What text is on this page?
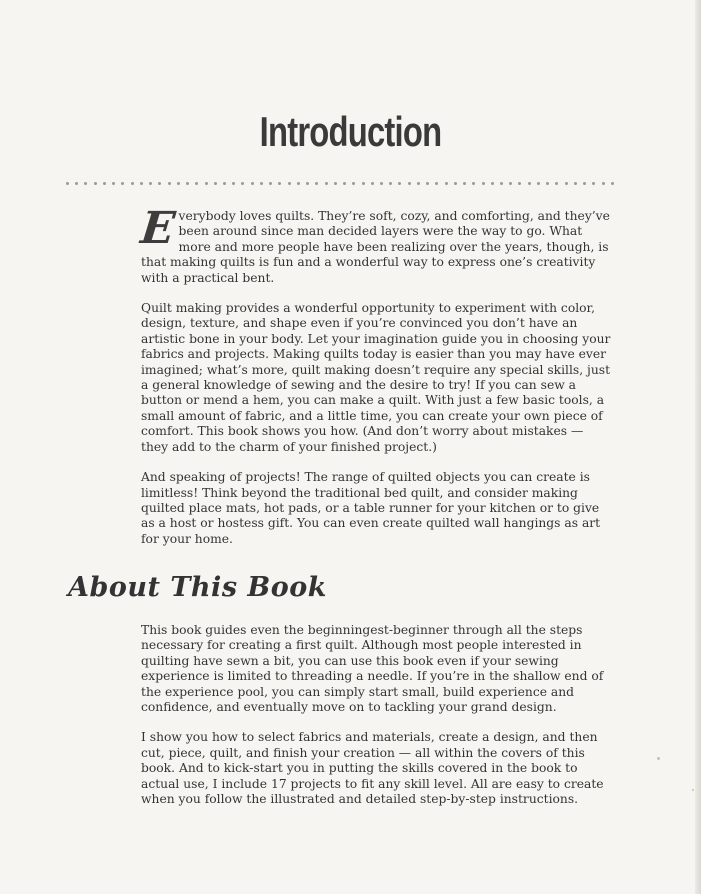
Introduction

Everybody loves quilts. They’re soft, cozy, and comforting, and they’ve been around since man decided layers were the way to go. What more and more people have been realizing over the years, though, is that making quilts is fun and a wonderful way to express one’s creativity with a practical bent.

Quilt making provides a wonderful opportunity to experiment with color, design, texture, and shape even if you’re convinced you don’t have an artistic bone in your body. Let your imagination guide you in choosing your fabrics and projects. Making quilts today is easier than you may have ever imagined; what’s more, quilt making doesn’t require any special skills, just a general knowledge of sewing and the desire to try! If you can sew a button or mend a hem, you can make a quilt. With just a few basic tools, a small amount of fabric, and a little time, you can create your own piece of comfort. This book shows you how. (And don’t worry about mistakes — they add to the charm of your finished project.)

And speaking of projects! The range of quilted objects you can create is limitless! Think beyond the traditional bed quilt, and consider making quilted place mats, hot pads, or a table runner for your kitchen or to give as a host or hostess gift. You can even create quilted wall hangings as art for your home.

About This Book

This book guides even the beginningest-beginner through all the steps necessary for creating a first quilt. Although most people interested in quilting have sewn a bit, you can use this book even if your sewing experience is limited to threading a needle. If you’re in the shallow end of the experience pool, you can simply start small, build experience and confidence, and eventually move on to tackling your grand design.

I show you how to select fabrics and materials, create a design, and then cut, piece, quilt, and finish your creation — all within the covers of this book. And to kick-start you in putting the skills covered in the book to actual use, I include 17 projects to fit any skill level. All are easy to create when you follow the illustrated and detailed step-by-step instructions.
